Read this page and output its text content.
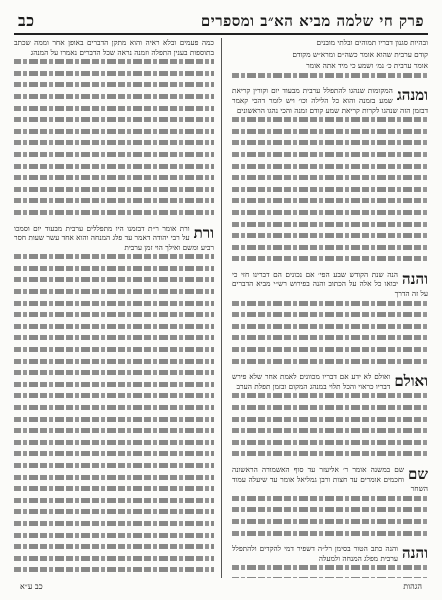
פרק חי שלמה מביא הא״ב ומספרים
כב

ובהיות סגנון דבריו תמוהים ובלתי מובנים

קודם ערבית שהוא אומר כשה״ם ומרא״ש מקודם

אומר ערבית כ׳ נמ׳ ושמע כי מיד אתה אומר

ומנהג
המקומות שנהגו להתפלל ערבית מבעוד יום וקורין קריאת שמע בזמנה והוא כל הלילה וכו׳ ויש לומר דהכי קאמר דבזמן הזה שנהגו לקרות קריאת שמע קודם זמנה והכי נהגו הראשונים
והנה
הנה שנת הקודש שבע הפי׳ אם נכונים הם דברינו חזי כי יבואו כל אלה על הכתוב והנה בפירוש רש״י מביא הדברים על זה הדרך
ואולם
ואולם לא ידע אם דבריו מכוונים לאמת אחר שלא פירש דבריו כראוי והכל תלוי במנהג המקום ובזמן תפלת הערב
שם
שם במשנה אומר ר׳ אליעזר עד סוף האשמורה הראשונה וחכמים אומרים עד חצות ורבן גמליאל אומר עד שיעלה עמוד השחר
והנה
והנה כתב הטור בסימן רל״ה דשפיר דמי להקדים ולהתפלל ערבית מפלג המנחה ולמעלה
כמה פעמים ובלא ראיה והוא מתקן הדברים באופן אחר וממה שכתב בתוספות בענין התפלה וזמנה נראה שכל הדברים נאמרו על המנהג
ורת
ורת אומר ר״ת דבזמנו היו מתפללים ערבית מבעוד יום וסמכו על רבי יהודה דאמר עד פלג המנחה והוא אחד עשר שעות חסר רביע ומשם ואילך הוי זמן ערבית
הגהות
כב ע״א
